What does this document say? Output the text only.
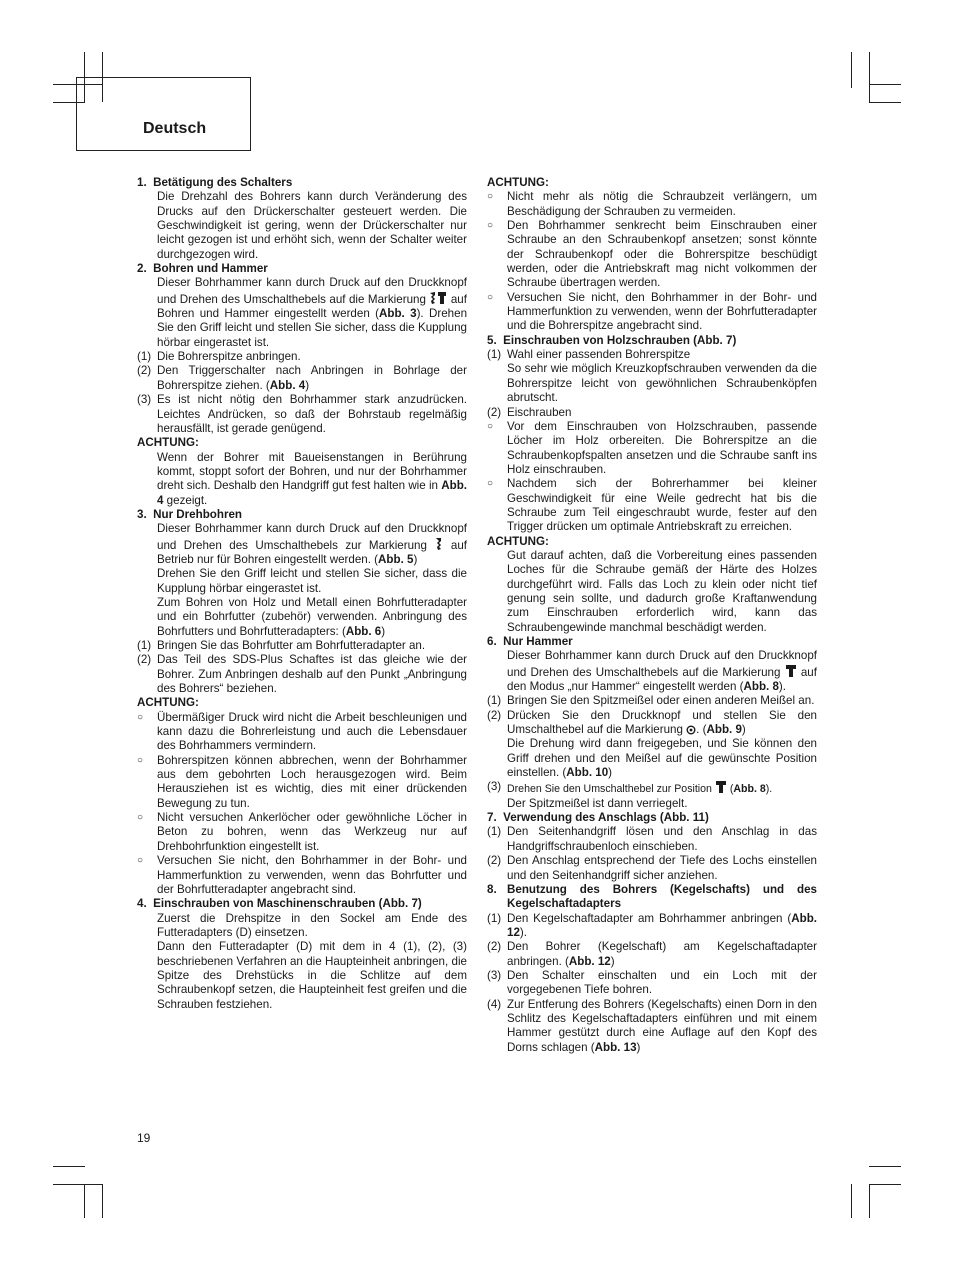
Deutsch

1.  Betätigung des Schalters

Die Drehzahl des Bohrers kann durch Veränderung des Drucks auf den Drückerschalter gesteuert werden. Die Geschwindigkeit ist gering, wenn der Drückerschalter nur leicht gezogen ist und erhöht sich, wenn der Schalter weiter durchgezogen wird.

2.  Bohren und Hammer

Dieser Bohrhammer kann durch Druck auf den Druckknopf und Drehen des Umschalthebels auf die Markierung auf Bohren und Hammer eingestellt werden (Abb. 3). Drehen Sie den Griff leicht und stellen Sie sicher, dass die Kupplung hörbar eingerastet ist.

(1) Die Bohrerspitze anbringen.
(2) Den Triggerschalter nach Anbringen in Bohrlage der Bohrerspitze ziehen. (Abb. 4)
(3) Es ist nicht nötig den Bohrhammer stark anzudrücken. Leichtes Andrücken, so daß der Bohrstaub regelmäßig herausfällt, ist gerade genügend.

ACHTUNG:

Wenn der Bohrer mit Baueisenstangen in Berührung kommt, stoppt sofort der Bohren, und nur der Bohrhammer dreht sich. Deshalb den Handgriff gut fest halten wie in Abb. 4 gezeigt.

3.  Nur Drehbohren

Dieser Bohrhammer kann durch Druck auf den Druckknopf und Drehen des Umschalthebels zur Markierung auf Betrieb nur für Bohren eingestellt werden. (Abb. 5)

Drehen Sie den Griff leicht und stellen Sie sicher, dass die Kupplung hörbar eingerastet ist.

Zum Bohren von Holz und Metall einen Bohrfutteradapter und ein Bohrfutter (zubehör) verwenden. Anbringung des Bohrfutters und Bohrfutteradapters: (Abb. 6)

(1) Bringen Sie das Bohrfutter am Bohrfutteradapter an.
(2) Das Teil des SDS-Plus Schaftes ist das gleiche wie der Bohrer. Zum Anbringen deshalb auf den Punkt „Anbringung des Bohrers“ beziehen.

ACHTUNG:

○	Übermäßiger Druck wird nicht die Arbeit beschleunigen und kann dazu die Bohrerleistung und auch die Lebensdauer des Bohrhammers vermindern.
○	Bohrerspitzen können abbrechen, wenn der Bohrhammer aus dem gebohrten Loch herausgezogen wird. Beim Herausziehen ist es wichtig, dies mit einer drückenden Bewegung zu tun.
○	Nicht versuchen Ankerlöcher oder gewöhnliche Löcher in Beton zu bohren, wenn das Werkzeug nur auf Drehbohrfunktion eingestellt ist.
○	Versuchen Sie nicht, den Bohrhammer in der Bohr- und Hammerfunktion zu verwenden, wenn das Bohrfutter und der Bohrfutteradapter angebracht sind.

4.  Einschrauben von Maschinenschrauben (Abb. 7)

Zuerst die Drehspitze in den Sockel am Ende des Futteradapters (D) einsetzen.

Dann den Futteradapter (D) mit dem in 4 (1), (2), (3) beschriebenen Verfahren an die Haupteinheit anbringen, die Spitze des Drehstücks in die Schlitze auf dem Schraubenkopf setzen, die Haupteinheit fest greifen und die Schrauben festziehen.

ACHTUNG:

○	Nicht mehr als nötig die Schraubzeit verlängern, um Beschädigung der Schrauben zu vermeiden.
○	Den Bohrhammer senkrecht beim Einschrauben einer Schraube an den Schraubenkopf ansetzen; sonst könnte der Schraubenkopf oder die Bohrerspitze beschüdigt werden, oder die Antriebskraft mag nicht volkommen der Schraube übertragen werden.
○	Versuchen Sie nicht, den Bohrhammer in der Bohr- und Hammerfunktion zu verwenden, wenn der Bohrfutteradapter und die Bohrerspitze angebracht sind.

5.  Einschrauben von Holzschrauben (Abb. 7)

(1) Wahl einer passenden Bohrerspitze

So sehr wie möglich Kreuzkopfschrauben verwenden da die Bohrerspitze leicht von gewöhnlichen Schraubenköpfen abrutscht.

(2) Eischrauben
○	Vor dem Einschrauben von Holzschrauben, passende Löcher im Holz orbereiten. Die Bohrerspitze an die Schraubenkopfspalten ansetzen und die Schraube sanft ins Holz einschrauben.
○	Nachdem sich der Bohrerhammer bei kleiner Geschwindigkeit für eine Weile gedrecht hat bis die Schraube zum Teil eingeschraubt wurde, fester auf den Trigger drücken um optimale Antriebskraft zu erreichen.

ACHTUNG:

Gut darauf achten, daß die Vorbereitung eines passenden Loches für die Schraube gemäß der Härte des Holzes durchgeführt wird. Falls das Loch zu klein oder nicht tief genung sein sollte, und dadurch große Kraftanwendung zum Einschrauben erforderlich wird, kann das Schraubengewinde manchmal beschädigt werden.

6.  Nur Hammer

Dieser Bohrhammer kann durch Druck auf den Druckknopf und Drehen des Umschalthebels auf die Markierung auf den Modus „nur Hammer“ eingestellt werden (Abb. 8).

(1) Bringen Sie den Spitzmeißel oder einen anderen Meißel an.
(2) Drücken Sie den Druckknopf und stellen Sie den Umschalthebel auf die Markierung . (Abb. 9)
Die Drehung wird dann freigegeben, und Sie können den Griff drehen und den Meißel auf die gewünschte Position einstellen. (Abb. 10)
(3) Drehen Sie den Umschalthebel zur Position (Abb. 8).
Der Spitzmeißel ist dann verriegelt.

7.  Verwendung des Anschlags (Abb. 11)

(1) Den Seitenhandgriff lösen und den Anschlag in das Handgriffschraubenloch einschieben.
(2) Den Anschlag entsprechend der Tiefe des Lochs einstellen und den Seitenhandgriff sicher anziehen.
8. Benutzung des Bohrers (Kegelschafts) und des Kegelschaftadapters
(1) Den Kegelschaftadapter am Bohrhammer anbringen (Abb. 12).
(2) Den Bohrer (Kegelschaft) am Kegelschaftadapter anbringen. (Abb. 12)
(3) Den Schalter einschalten und ein Loch mit der vorgegebenen Tiefe bohren.
(4) Zur Entferung des Bohrers (Kegelschafts) einen Dorn in den Schlitz des Kegelschaftadapters einführen und mit einem Hammer gestützt durch eine Auflage auf den Kopf des Dorns schlagen (Abb. 13)
19
